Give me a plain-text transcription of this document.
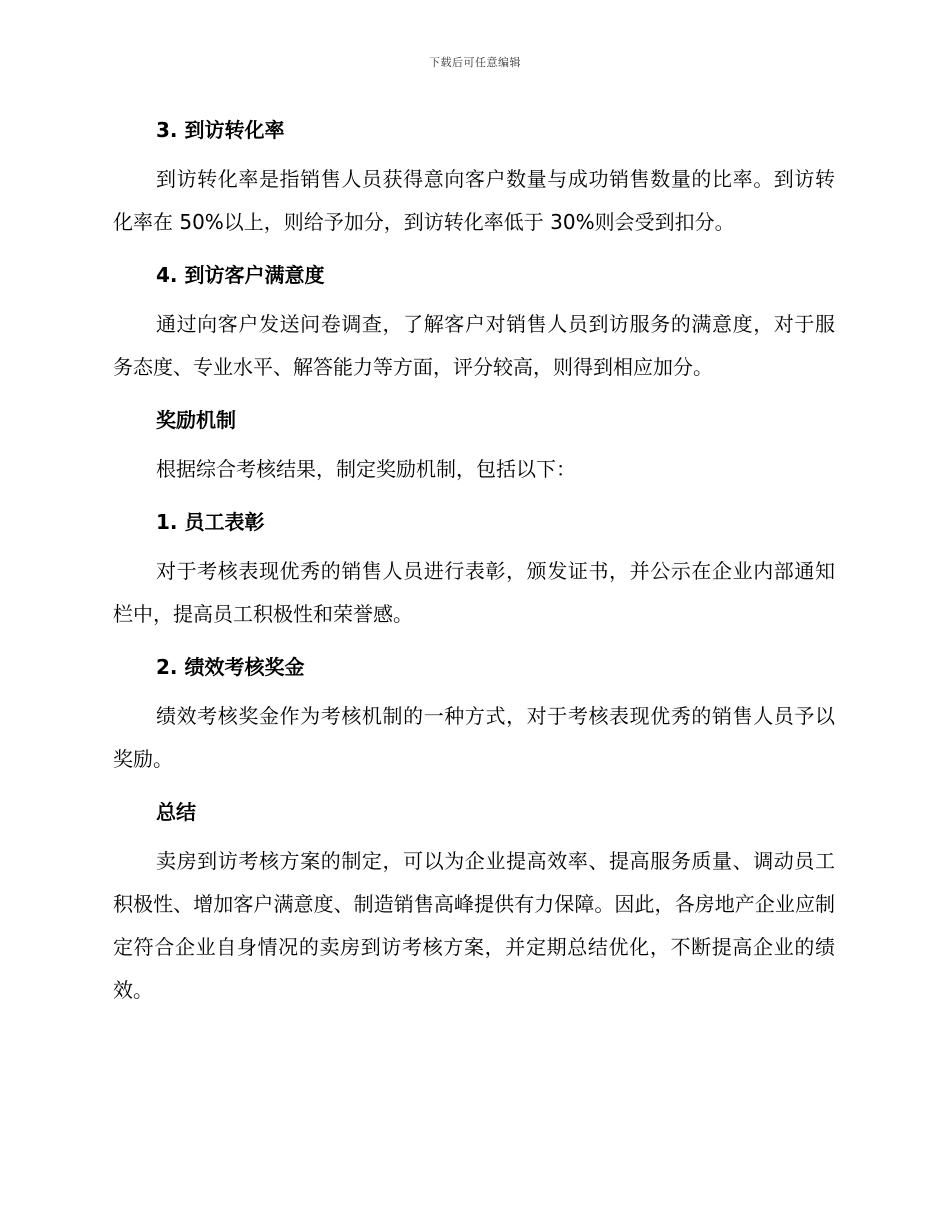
下载后可任意编辑
3. 到访转化率

到访转化率是指销售人员获得意向客户数量与成功销售数量的比率。到访转化率在 50%以上，则给予加分，到访转化率低于 30%则会受到扣分。

4. 到访客户满意度

通过向客户发送问卷调查，了解客户对销售人员到访服务的满意度，对于服务态度、专业水平、解答能力等方面，评分较高，则得到相应加分。

奖励机制

根据综合考核结果，制定奖励机制，包括以下：

1. 员工表彰

对于考核表现优秀的销售人员进行表彰，颁发证书，并公示在企业内部通知栏中，提高员工积极性和荣誉感。

2. 绩效考核奖金

绩效考核奖金作为考核机制的一种方式，对于考核表现优秀的销售人员予以奖励。

总结

卖房到访考核方案的制定，可以为企业提高效率、提高服务质量、调动员工积极性、增加客户满意度、制造销售高峰提供有力保障。因此，各房地产企业应制定符合企业自身情况的卖房到访考核方案，并定期总结优化，不断提高企业的绩效。
